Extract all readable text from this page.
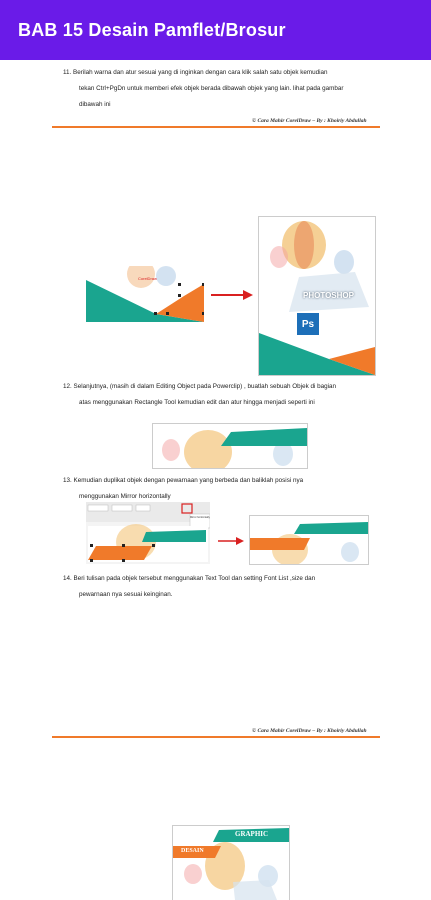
BAB 15 Desain Pamflet/Brosur
11. Berilah warna dan atur sesuai yang di inginkan dengan cara klik salah satu objek kemudian
tekan Ctrl+PgDn untuk memberi efek objek berada dibawah objek yang lain. lihat pada gambar
dibawah ini
© Cara Mahir CorelDraw – By : Khoiriy Abdullah
CorelDraw
Ps
PHOTOSHOP
12. Selanjutnya, (masih di dalam Editing Object pada Powerclip) , buatlah sebuah Objek di bagian
atas menggunakan Rectangle Tool kemudian edit dan atur hingga menjadi seperti ini
13. Kemudian duplikat objek dengan pewarnaan yang berbeda dan baliklah posisi nya
menggunakan Mirror horizontally
Mirror horizontally
14. Beri tulisan pada objek tersebut menggunakan Text Tool dan setting Font List ,size dan
pewarnaan nya sesuai keinginan.
© Cara Mahir CorelDraw – By : Khoiriy Abdullah
GRAPHIC
DESAIN
